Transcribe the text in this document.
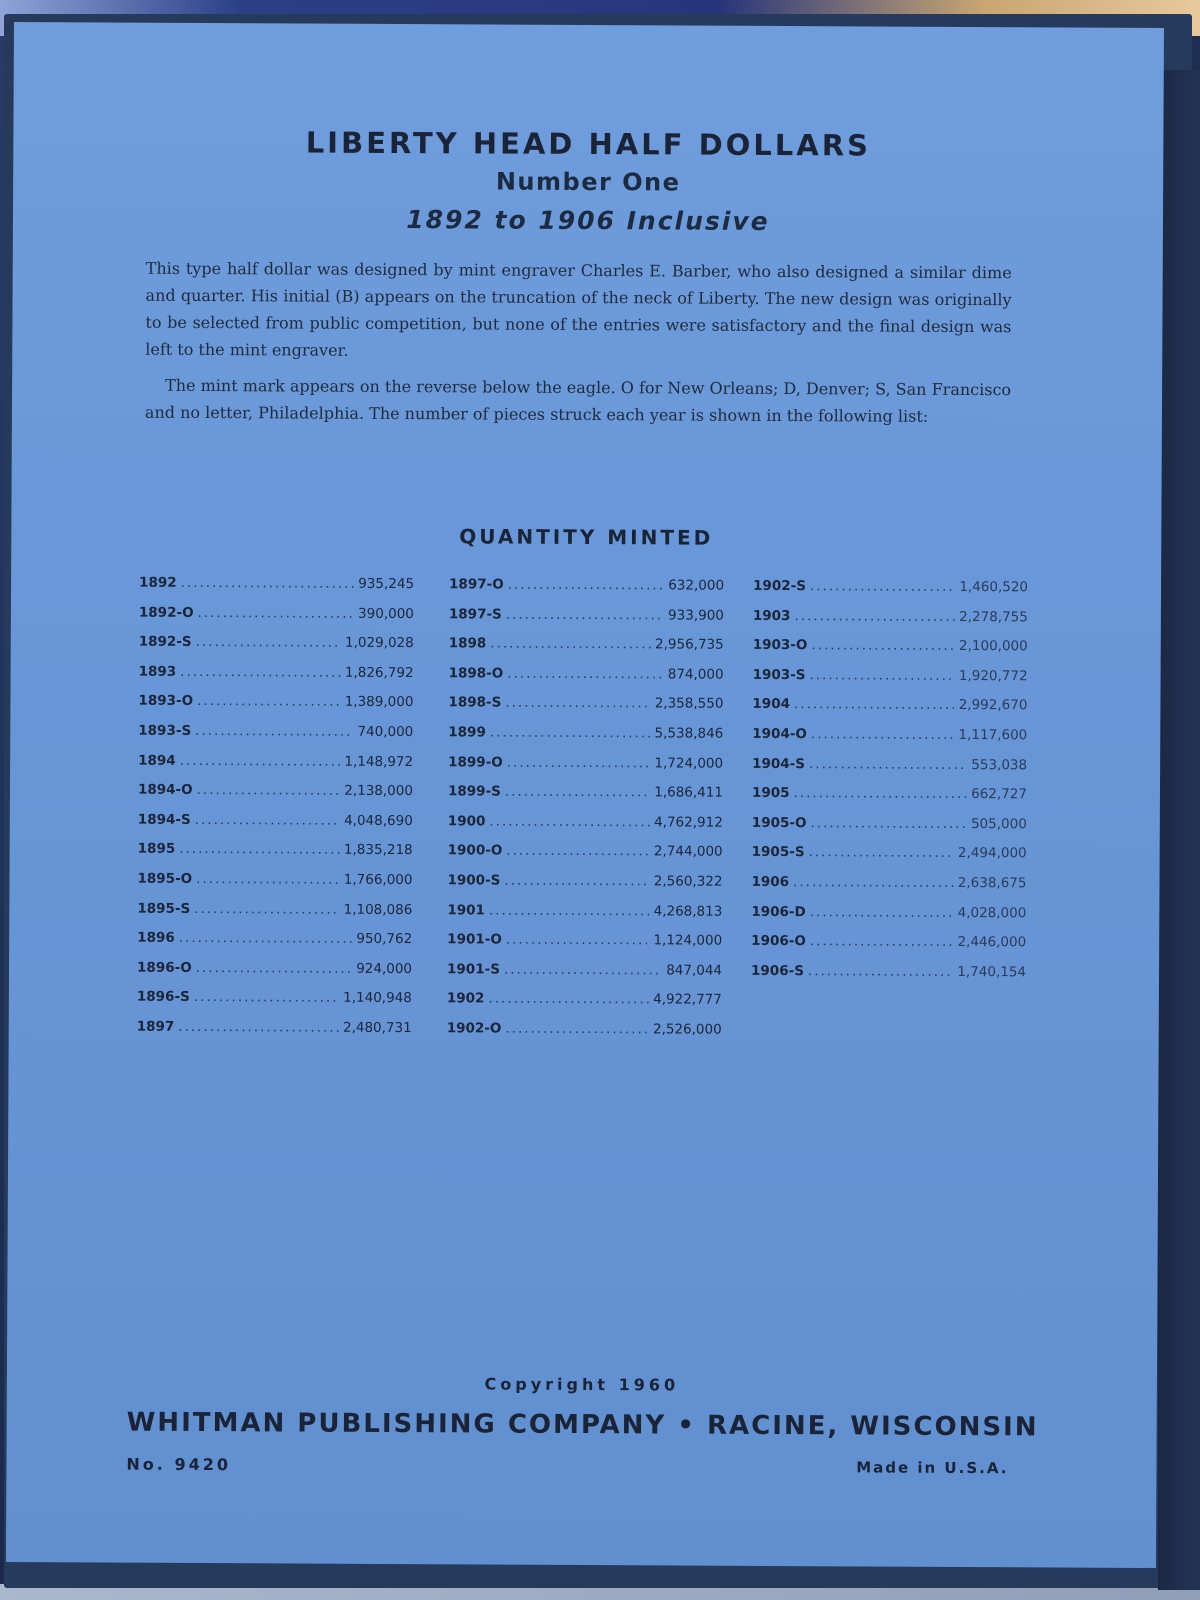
LIBERTY HEAD HALF DOLLARS
Number One
1892 to 1906 Inclusive

This type half dollar was designed by mint engraver Charles E. Barber, who also designed a similar dime and quarter. His initial (B) appears on the truncation of the neck of Liberty. The new design was originally to be selected from public competition, but none of the entries were satisfactory and the final design was left to the mint engraver.

The mint mark appears on the reverse below the eagle. O for New Orleans; D, Denver; S, San Francisco and no letter, Philadelphia. The number of pieces struck each year is shown in the following list:

QUANTITY MINTED
1892 .....	935,245
1892-O .....	390,000
1892-S .....	1,029,028
1893 .....	1,826,792
1893-O .....	1,389,000
1893-S .....	740,000
1894 .....	1,148,972
1894-O .....	2,138,000
1894-S .....	4,048,690
1895 .....	1,835,218
1895-O .....	1,766,000
1895-S .....	1,108,086
1896 .....	950,762
1896-O .....	924,000
1896-S .....	1,140,948
1897 .....	2,480,731
1897-O .....	632,000
1897-S .....	933,900
1898 .....	2,956,735
1898-O .....	874,000
1898-S .....	2,358,550
1899 .....	5,538,846
1899-O .....	1,724,000
1899-S .....	1,686,411
1900 .....	4,762,912
1900-O .....	2,744,000
1900-S .....	2,560,322
1901 .....	4,268,813
1901-O .....	1,124,000
1901-S .....	847,044
1902 .....	4,922,777
1902-O .....	2,526,000
1902-S .....	1,460,520
1903 .....	2,278,755
1903-O .....	2,100,000
1903-S .....	1,920,772
1904 .....	2,992,670
1904-O .....	1,117,600
1904-S .....	553,038
1905 .....	662,727
1905-O .....	505,000
1905-S .....	2,494,000
1906 .....	2,638,675
1906-D .....	4,028,000
1906-O .....	2,446,000
1906-S .....	1,740,154
Copyright 1960
WHITMAN PUBLISHING COMPANY • RACINE, WISCONSIN
No. 9420	Made in U.S.A.
